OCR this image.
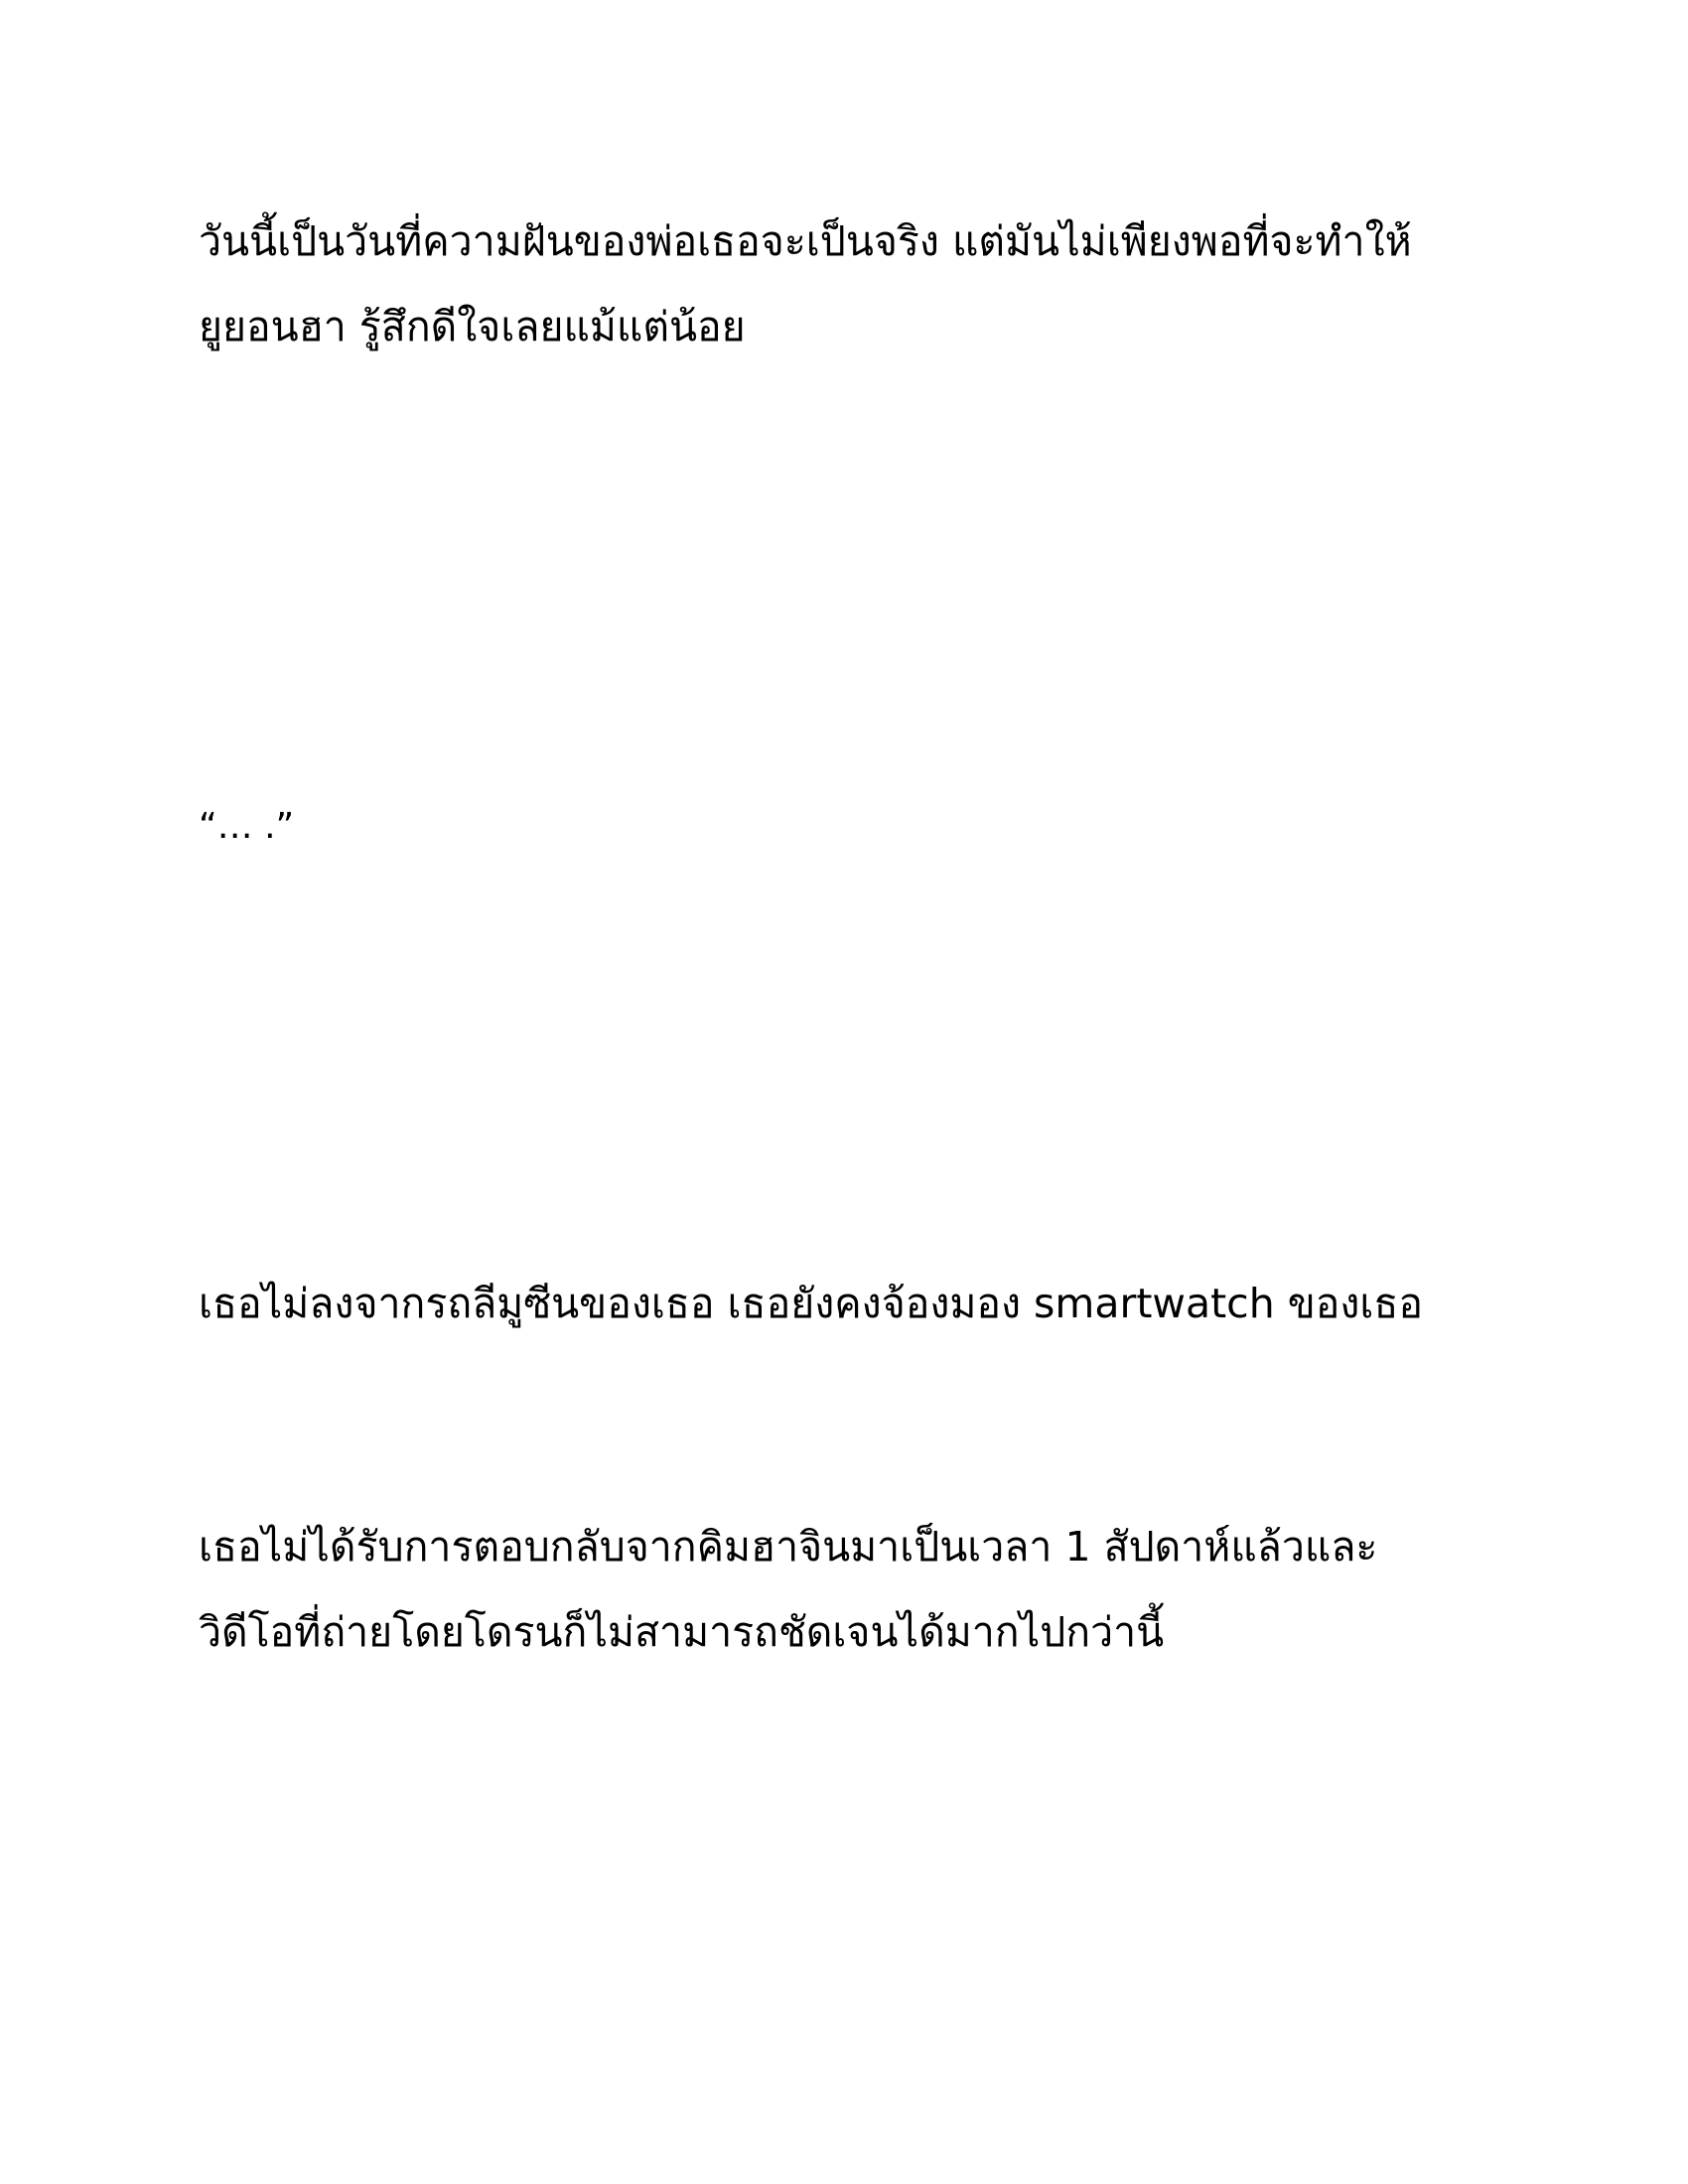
วันนี้เป็นวันที่ความฝันของพ่อเธอจะเป็นจริง แต่มันไม่เพียงพอที่จะทำให้
ยูยอนฮา รู้สึกดีใจเลยแม้แต่น้อย

“… .”

เธอไม่ลงจากรถลีมูซีนของเธอ เธอยังคงจ้องมอง smartwatch ของเธอ

เธอไม่ได้รับการตอบกลับจากคิมฮาจินมาเป็นเวลา 1 สัปดาห์แล้วและ
วิดีโอที่ถ่ายโดยโดรนก็ไม่สามารถชัดเจนได้มากไปกว่านี้
